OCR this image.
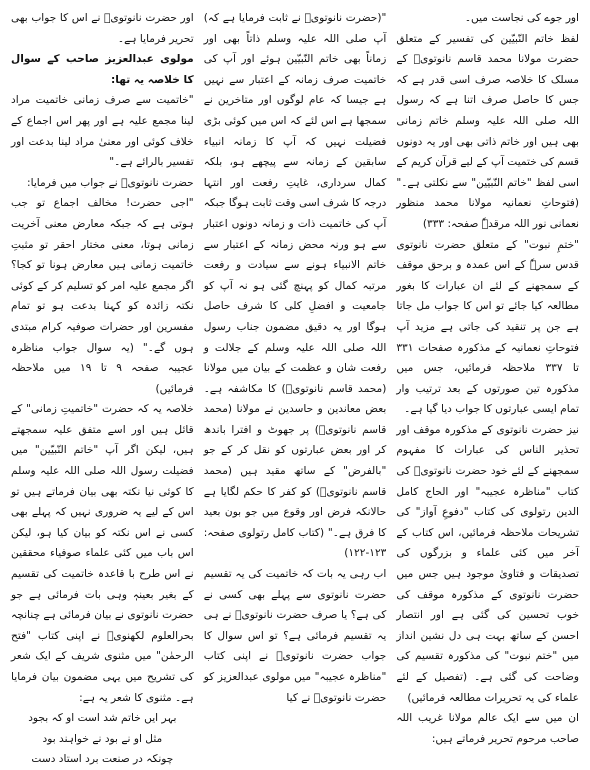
اور جوے کی نجاست میں۔

لفظ خاتم النّبیّین کی تفسیر کے متعلق حضرت مولانا محمد قاسم نانوتویؒ کے مسلک کا خلاصہ صرف اسی قدر ہے کہ جس کا حاصل صرف اتنا ہے کہ رسول اللہ صلی اللہ علیہ وسلم خاتم زمانی بھی ہیں اور خاتم ذاتی بھی اور یہ دونوں قسم کی ختمیت آپ کے لیے قرآن کریم کے اسی لفظ "خاتم النّبیّین" سے نکلتی ہے۔" (فتوحاتِ نعمانیہ مولانا محمد منظور نعمانی نور اللہ مرقدہٗ صفحہ: ۳۳۳)

"ختمِ نبوت" کے متعلق حضرت نانوتوی قدس سرہٗ کے اس عمدہ و برحق موقف کے سمجھنے کے لئے ان عبارات کا بغور مطالعہ کیا جائے تو اس کا جواب مل جاتا ہے جن پر تنقید کی جاتی ہے مزید آپ فتوحاتِ نعمانیہ کے مذکورہ صفحات ۳۳۱ تا ۳۳۷ ملاحظہ فرمائیں، جس میں مذکورہ تین صورتوں کے بعد ترتیب وار تمام ایسی عبارتوں کا جواب دیا گیا ہے۔

نیز حضرت نانوتوی کے مذکورہ موقف اور تحذیر الناس کی عبارات کا مفہوم سمجھنے کے لئے خود حضرت نانوتویؒ کی کتاب "مناظرہ عجیبہ" اور الحاج کامل الدین رتولوی کی کتاب "دفوعِ آواز" کی تشریحات ملاحظہ فرمائیں، اس کتاب کے آخر میں کئی علماء و بزرگوں کی تصدیقات و فتاویٰ موجود ہیں جس میں حضرت نانوتوی کے مذکورہ موقف کی خوب تحسین کی گئی ہے اور انتصار احسن کے ساتھ بہت ہی دل نشین انداز میں "ختم نبوت" کی مذکورہ تقسیم کی وضاحت کی گئی ہے۔ (تفصیل کے لئے علماء کی یہ تحریرات مطالعہ فرمائیں)

ان میں سے ایک عالم مولانا غریب اللہ صاحب مرحوم تحریر فرماتے ہیں:

"(حضرت نانوتویؒ نے ثابت فرمایا ہے کہ) آپ صلی اللہ علیہ وسلم ذاتاً بھی اور زماناً بھی خاتم النّبیّین ہوئے اور آپ کی خاتمیت صرف زمانہ کے اعتبار سے نہیں ہے جیسا کہ عام لوگوں اور متاخرین نے سمجھا ہے اس لئے کہ اس میں کوئی بڑی فضیلت نہیں کہ آپ کا زمانہ انبیاء سابقین کے زمانہ سے پیچھے ہو، بلکہ کمال سرداری، غایتِ رفعت اور انتہا درجہ کا شرف اسی وقت ثابت ہوگا جبکہ آپ کی خاتمیت ذات و زمانہ دونوں اعتبار سے ہو ورنہ محض زمانہ کے اعتبار سے خاتم الانبیاء ہونے سے سیادت و رفعت مرتبہ کمال کو پہنچ گئی ہو نہ آپ کو جامعیت و افضلِ کلی کا شرف حاصل ہوگا اور یہ دقیق مضمون جناب رسول اللہ صلی اللہ علیہ وسلم کے جلالت و رفعت شان و عظمت کے بیان میں مولانا (محمد قاسم نانوتویؒ) کا مکاشفہ ہے۔ بعض معاندین و حاسدین نے مولانا (محمد قاسم نانوتویؒ) پر جھوٹ و افترا باندھ کر اور بعض عبارتوں کو نقل کر کے جو "بالفرض" کے ساتھ مقید ہیں (محمد قاسم نانوتویؒ) کو کفر کا حکم لگایا ہے حالانکہ فرض اور وقوع میں جو بون بعید کا فرق ہے۔" (کتاب کامل رتولوی صفحہ: ۱۲۳-۱۲۲)

اب رہی یہ بات کہ خاتمیت کی یہ تقسیم حضرت نانوتوی سے پہلے بھی کسی نے کی ہے؟ یا صرف حضرت نانوتویؒ نے ہی یہ تقسیم فرمائی ہے؟ تو اس سوال کا جواب حضرت نانوتویؒ نے اپنی کتاب "مناظرہ عجیبہ" میں مولوی عبدالعزیز کو حضرت نانوتویؒ نے کیا

اور حضرت نانوتویؒ نے اس کا جواب بھی تحریر فرمایا ہے۔

مولوی عبدالعزیز صاحب کے سوال کا خلاصہ یہ تھا:

"خاتمیت سے صرف زمانی خاتمیت مراد لینا مجمع علیہ ہے اور پھر اس اجماع کے خلاف کوئی اور معنیٰ مراد لینا بدعت اور تفسیر بالرائے ہے۔"

حضرت نانوتویؒ نے جواب میں فرمایا:

"اجی حضرت! مخالف اجماع تو جب ہوتی ہے کہ جبکہ معارض معنی آخریت زمانی ہوتا، معنی مختار احقر تو مثبتِ خاتمیت زمانی ہیں معارض ہونا تو کجا؟ اگر مجمع علیہ امر کو تسلیم کر کے کوئی نکتہ زائدہ کو کہنا بدعت ہو تو تمام مفسرین اور حضرات صوفیہ کرام مبتدی ہوں گے۔" (یہ سوال جواب مناظرہ عجیبہ صفحہ ۹ تا ۱۹ میں ملاحظہ فرمائیں)

خلاصہ یہ کہ حضرت "خاتمیتِ زمانی" کے قائل ہیں اور اسے متفق علیہ سمجھتے ہیں، لیکن اگر آپ "خاتم النّبیّین" میں فضیلت رسول اللہ صلی اللہ علیہ وسلم کا کوئی نیا نکتہ بھی بیان فرماتے ہیں تو اس کے لیے یہ ضروری نہیں کہ پہلے بھی کسی نے اس نکتہ کو بیان کیا ہو، لیکن اس باب میں کئی علماء صوفیاء محققین نے اس طرح با قاعدہ خاتمیت کی تقسیم کے بغیر بعینہٖ وہی بات فرمائی ہے جو حضرت نانوتوی نے بیان فرمائی ہے چنانچہ بحرالعلوم لکھنویؒ نے اپنی کتاب "فتح الرحمٰن" میں مثنوی شریف کے ایک شعر کی تشریح میں یہی مضمون بیان فرمایا ہے۔ مثنوی کا شعر یہ ہے:

بہر ایں خاتم شد است او کہ بجود

مثل او نے بود نے خواہند بود

چونکہ در صنعت برد استاد دست
